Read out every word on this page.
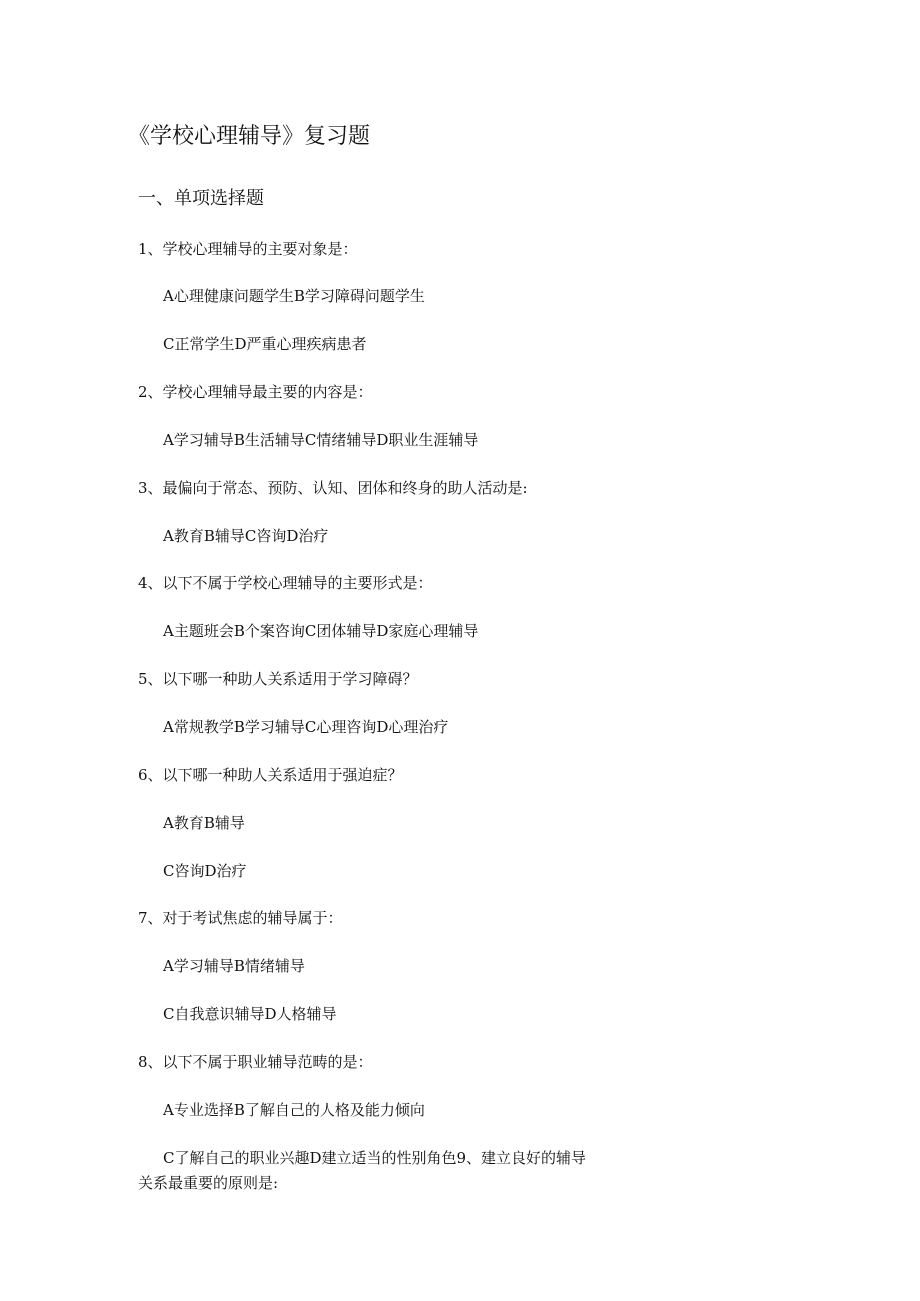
《学校心理辅导》复习题
一、单项选择题
1、学校心理辅导的主要对象是：
A心理健康问题学生B学习障碍问题学生
C正常学生D严重心理疾病患者
2、学校心理辅导最主要的内容是：
A学习辅导B生活辅导C情绪辅导D职业生涯辅导
3、最偏向于常态、预防、认知、团体和终身的助人活动是:
A教育B辅导C咨询D治疗
4、以下不属于学校心理辅导的主要形式是：
A主题班会B个案咨询C团体辅导D家庭心理辅导
5、以下哪一种助人关系适用于学习障碍？
A常规教学B学习辅导C心理咨询D心理治疗
6、以下哪一种助人关系适用于强迫症？
A教育B辅导
C咨询D治疗
7、对于考试焦虑的辅导属于：
A学习辅导B情绪辅导
C自我意识辅导D人格辅导
8、以下不属于职业辅导范畴的是：
A专业选择B了解自己的人格及能力倾向
C了解自己的职业兴趣D建立适当的性别角色9、建立良好的辅导关系最重要的原则是:
